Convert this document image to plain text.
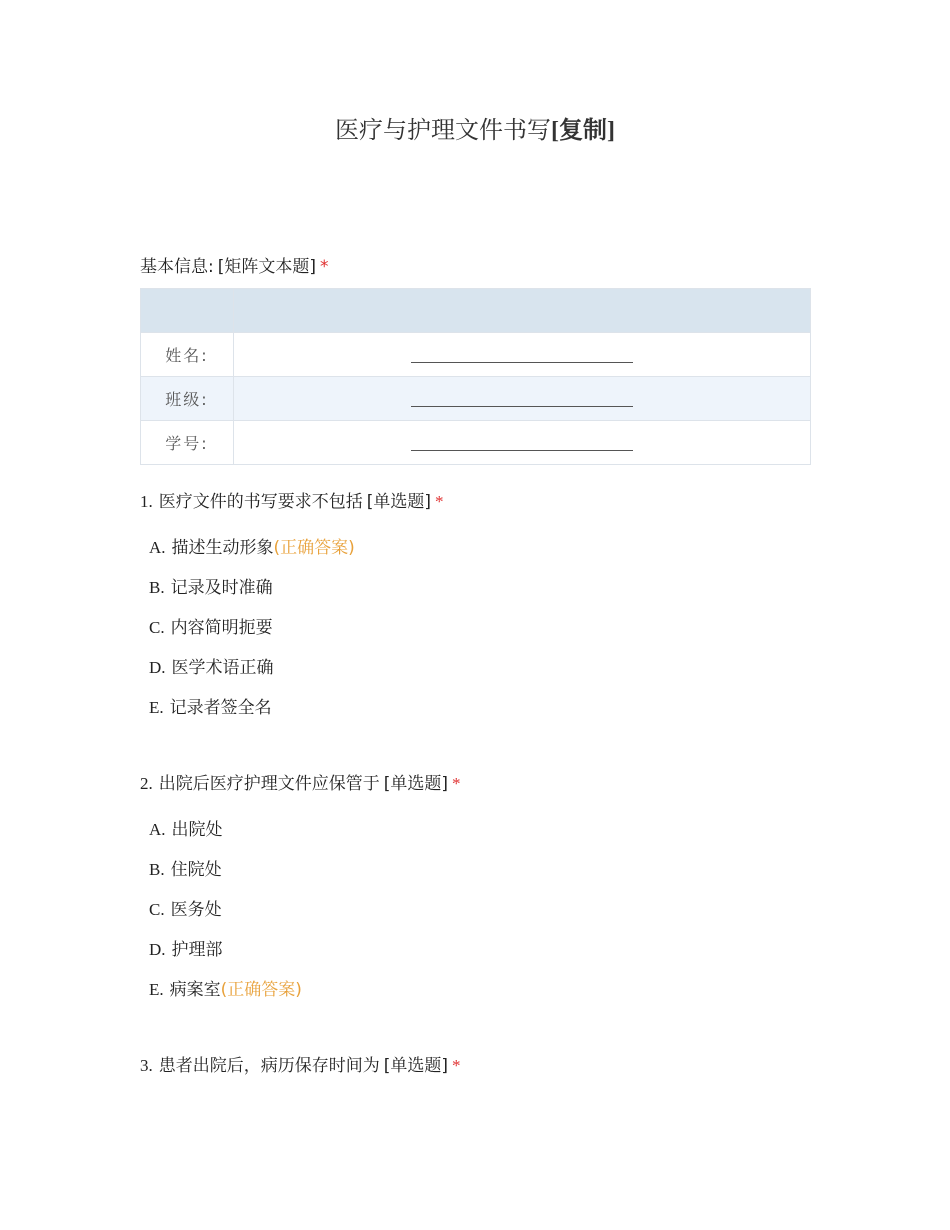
医疗与护理文件书写[复制]
基本信息: [矩阵文本题] *

姓名:	
班级:	
学号:	
1. 医疗文件的书写要求不包括 [单选题] *
A. 描述生动形象(正确答案)
B. 记录及时准确
C. 内容简明扼要
D. 医学术语正确
E. 记录者签全名
2. 出院后医疗护理文件应保管于 [单选题] *
A. 出院处
B. 住院处
C. 医务处
D. 护理部
E. 病案室(正确答案)
3. 患者出院后，病历保存时间为 [单选题] *
